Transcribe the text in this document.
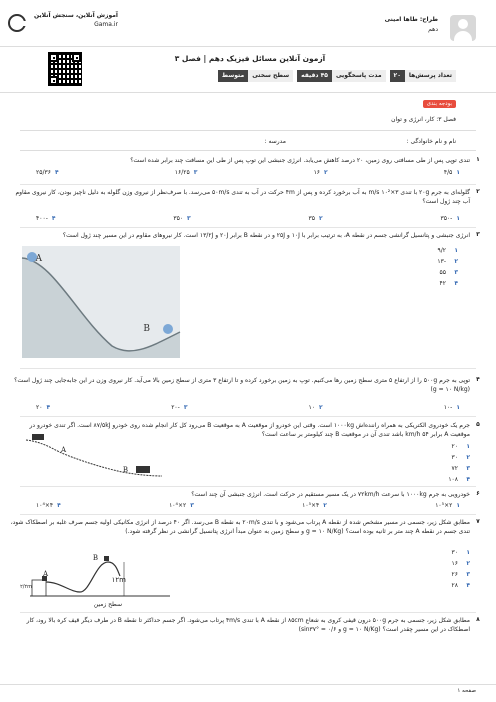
آموزش آنلاین، سنجش آنلاین
Gama.ir
طراح: طاها امینی
دهم
آزمون آنلاین مسائل فیزیک دهم | فصل ۳
تعداد پرسش‌ها
۲۰
مدت پاسخگویی
۴۵ دقیقه
سطح سختی
متوسط
بودجه بندی
فصل ۳: کار، انرژی و توان
نام و نام خانوادگی :
مدرسه :
۱
تندی توپی پس از طی مسافتی روی زمین، ۲۰ درصد کاهش می‌یابد. انرژی جنبشی این توپ پس از طی این مسافت چند برابر شده است؟
۱
۴/۵
۲
۱۶
۳
۱۶/۲۵
۴
۲۵/۳۶
۲
گلوله‌ای به جرم ۲۰g با تندی ۳×۱۰² m/s به آب برخورد کرده و پس از ۴m حرکت در آب به تندی ۵۰m/s می‌رسد. با صرف‌نظر از نیروی وزن گلوله به دلیل ناچیز بودن، کار نیروی مقاوم آب چند ژول است؟
۱
-۳۵۰
۲
۳۵
۳
۳۵۰
۴
-۴۰۰
۳
انرژی جنبشی و پتانسیل گرانشی جسم در نقطه A، به ترتیب برابر با ۱۰J و ۲۵J و در نقطه B برابر ۲۰J و ۱۳/۲J است. کار نیروهای مقاوم در این مسیر چند ژول است؟
۱
۹/۲
۲
-۱۳
۳
۵۵
۴
۴۲
A
B
۴
توپی به جرم ۵۰۰g را از ارتفاع ۵ متری سطح زمین رها می‌کنیم. توپ به زمین برخورد کرده و تا ارتفاع ۳ متری از سطح زمین بالا می‌آید. کار نیروی وزن در این جابه‌جایی چند ژول است؟ (g = ۱۰ N/kg)
۱
-۱۰
۲
۱۰
۳
-۲۰
۴
۲۰
۵
جرم یک خودروی الکتریکی به همراه راننده‌اش ۱۰۰۰kg است. وقتی این خودرو از موقعیت A به موقعیت B می‌رود کل کار انجام شده روی خودرو ۸۷/۵kJ است. اگر تندی خودرو در موقعیت A برابر ۵۴ km/h باشد تندی آن در موقعیت B چند کیلومتر بر ساعت است؟
۱
۲۰
۲
۳۰
۳
۷۲
۴
۱۰۸
A
B
۶
خودرویی به جرم ۱۰۰۰kg با سرعت ۷۲km/h در یک مسیر مستقیم در حرکت است. انرژی جنبشی آن چند است؟
۱
۲×۱۰⁵
۲
۴×۱۰⁵
۳
۲×۱۰⁴
۴
۴×۱۰⁴
۷
مطابق شکل زیر، جسمی در مسیر مشخص شده از نقطه A پرتاب می‌شود و با تندی ۲۰m/s به نقطه B می‌رسد. اگر ۴۰ درصد از انرژی مکانیکی اولیه جسم صرف غلبه بر اصطکاک شود، تندی جسم در نقطه A چند متر بر ثانیه بوده است؟ (g = ۱۰ N/Kg و سطح زمین به عنوان مبدأ انرژی پتانسیل گرانشی در نظر گرفته شود.)
۱
۳۰
۲
۱۶
۳
۲۶
۴
۲۸
A
B
۱۲m
۲/۲m
سطح زمین
۸
مطابق شکل زیر، جسمی به جرم ۵۰۰g درون قیفی کروی به شعاع ۸۵cm از نقطه A با تندی ۴m/s پرتاب می‌شود. اگر جسم حداکثر تا نقطه B در طرف دیگر قیف کره بالا رود، کار اصطکاک در این مسیر چقدر است؟ (g = ۱۰ N/Kg و sin۳۷° = ۰/۶)
صفحه ۱
